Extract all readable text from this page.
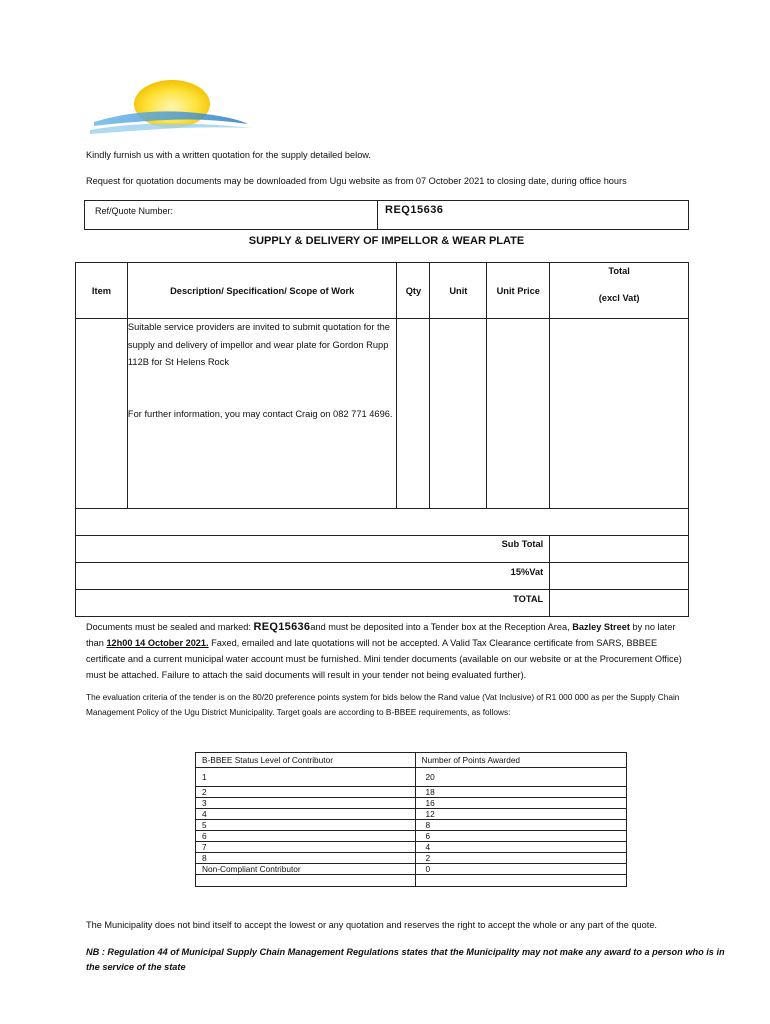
Kindly furnish us with a written quotation for the supply detailed below.
Request for quotation documents may be downloaded from Ugu website as from 07 October 2021 to closing date, during office hours
Ref/Quote Number:	REQ15636
SUPPLY & DELIVERY OF IMPELLOR & WEAR PLATE
Item	Description/ Specification/ Scope of Work	Qty	Unit	Unit Price	Total
(excl Vat)

	Suitable service providers are invited to submit quotation for the supply and delivery of impellor and wear plate for Gordon Rupp 112B for St Helens Rock

For further information, you may contact Craig on 082 771 4696.				

Sub Total					
15%Vat					
TOTAL					
Documents must be sealed and marked: REQ15636and must be deposited into a Tender box at the Reception Area, Bazley Street by no later than 12h00 14 October 2021. Faxed, emailed and late quotations will not be accepted. A Valid Tax Clearance certificate from SARS, BBBEE certificate and a current municipal water account must be furnished. Mini tender documents (available on our website or at the Procurement Office) must be attached. Failure to attach the said documents will result in your tender not being evaluated further).
The evaluation criteria of the tender is on the 80/20 preference points system for bids below the Rand value (Vat Inclusive) of R1 000 000 as per the Supply Chain Management Policy of the Ugu District Municipality. Target goals are according to B-BBEE requirements, as follows:
B-BBEE Status Level of Contributor	Number of Points Awarded
1	20
2	18
3	16
4	12
5	8
6	6
7	4
8	2
Non-Compliant Contributor	0

The Municipality does not bind itself to accept the lowest or any quotation and reserves the right to accept the whole or any part of the quote.
NB : Regulation 44 of Municipal Supply Chain Management Regulations states that the Municipality may not make any award to a person who is in the service of the state
